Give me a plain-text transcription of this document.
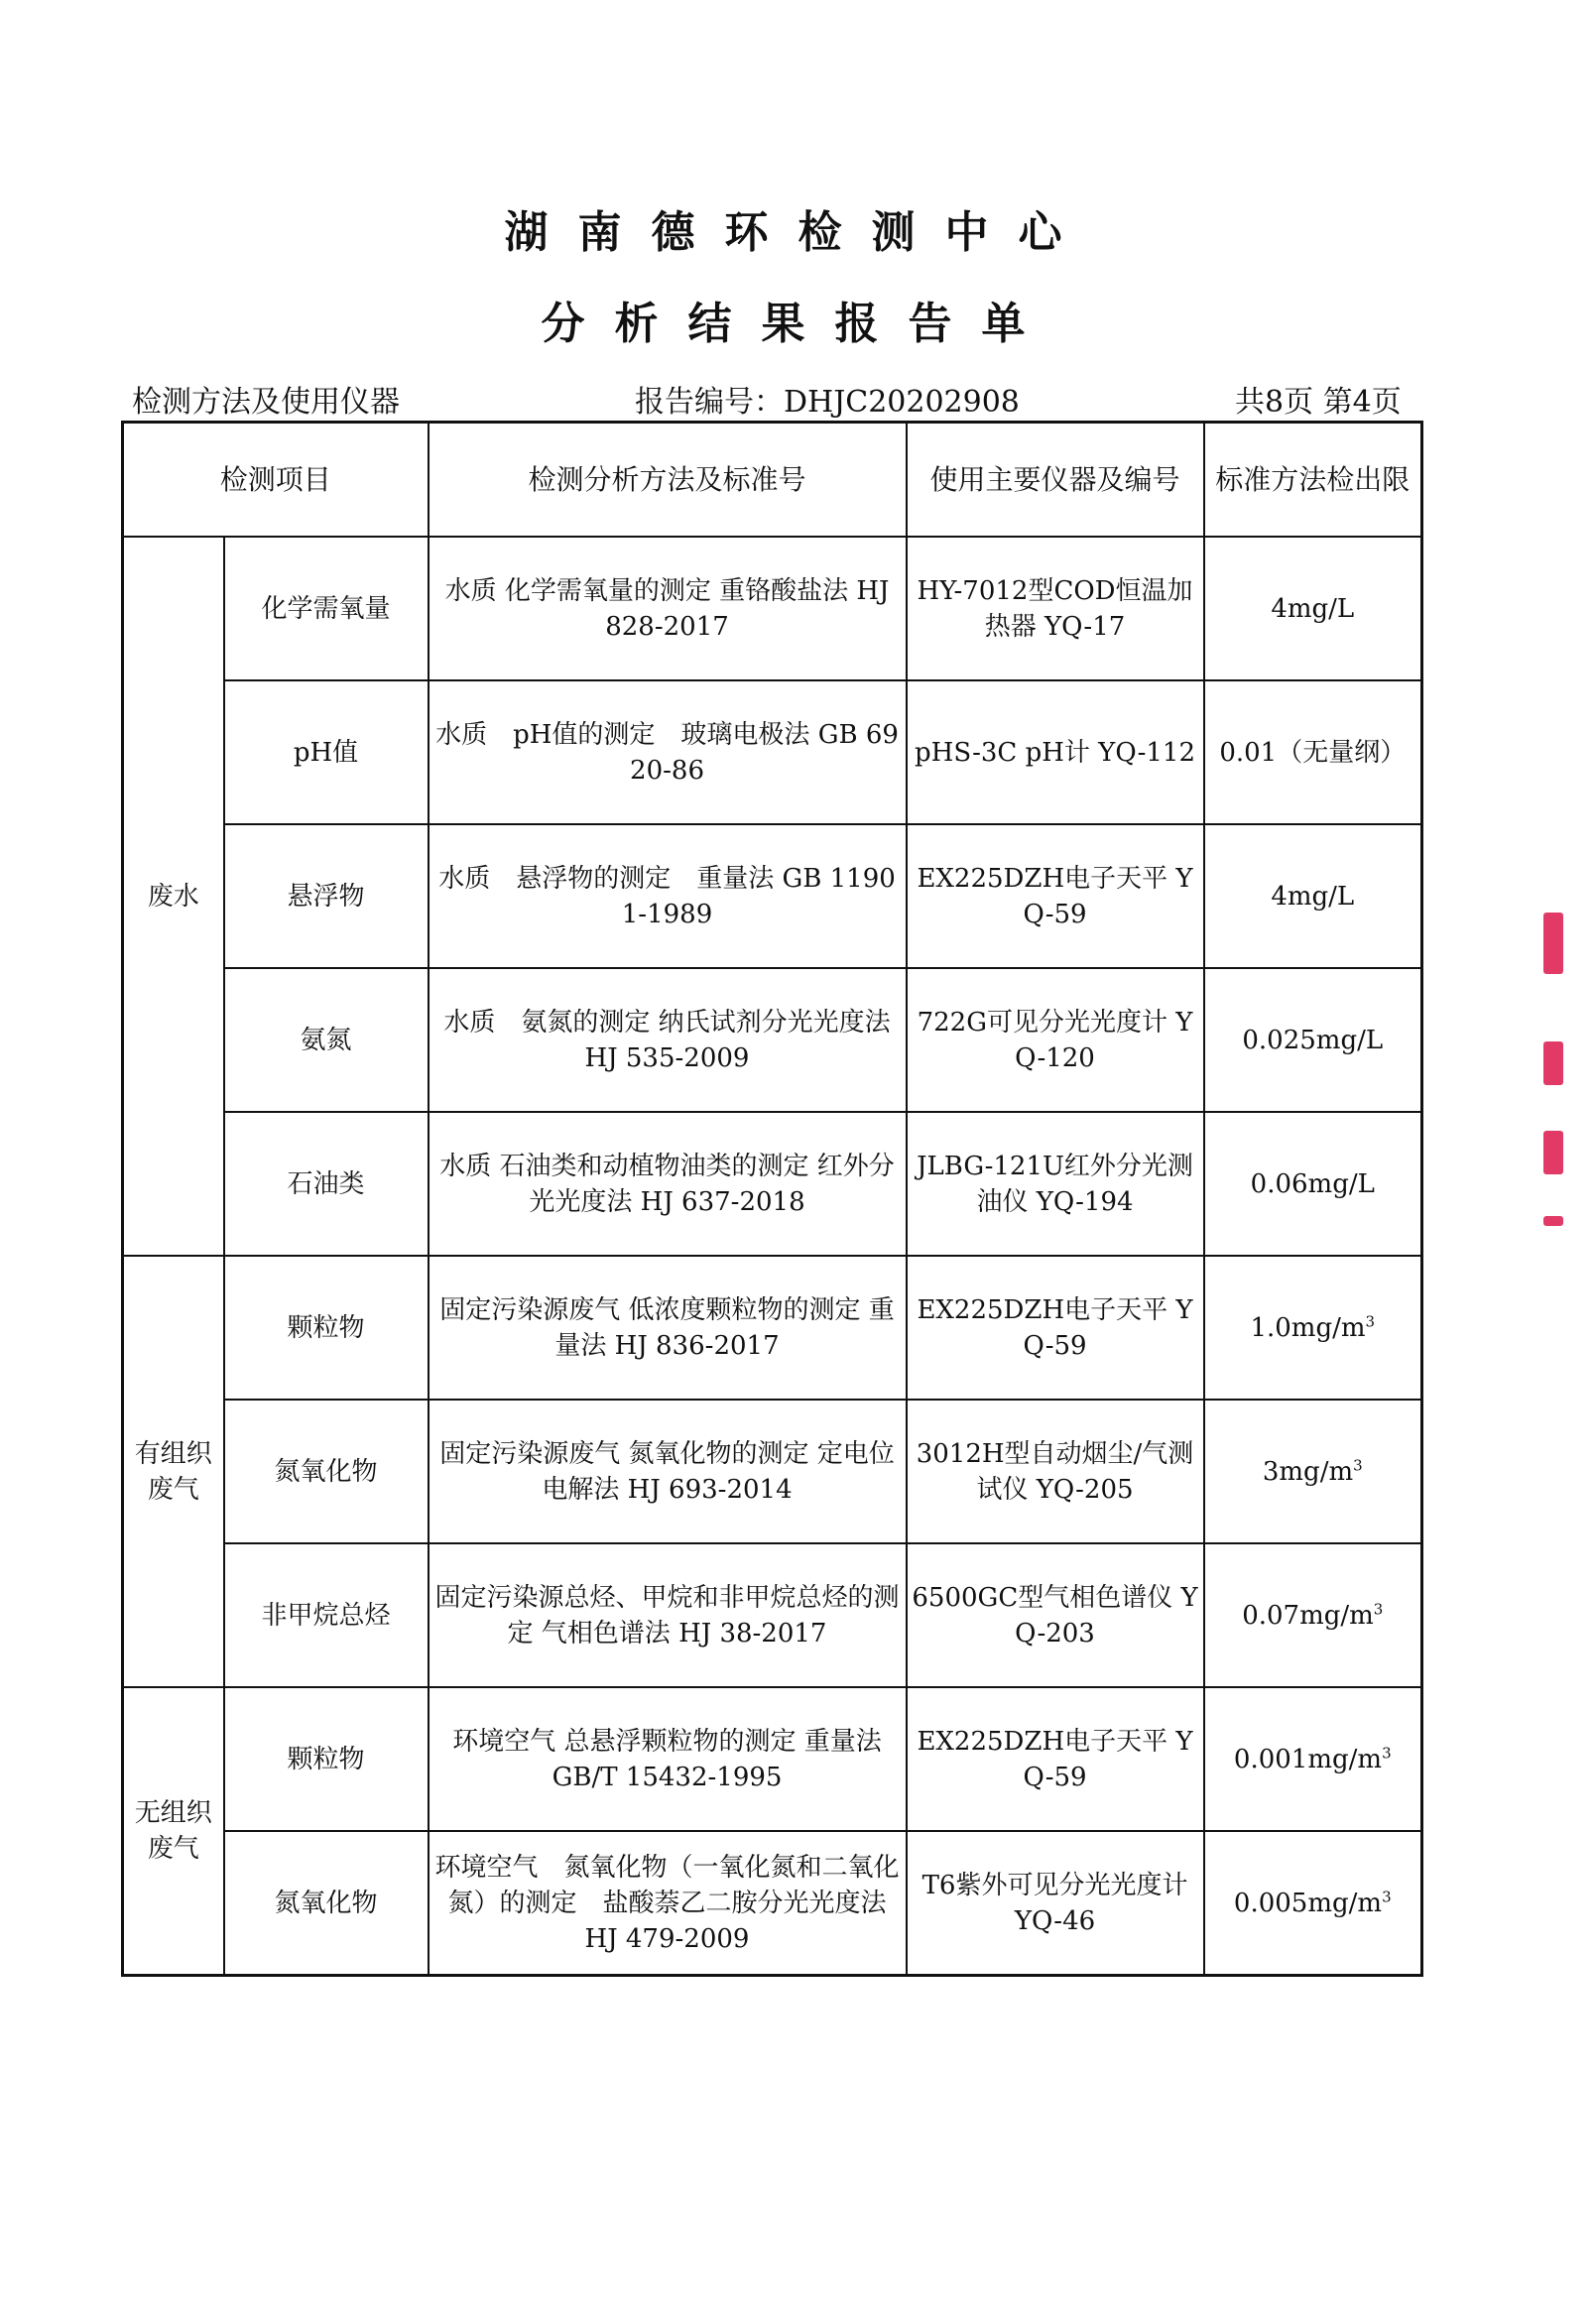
湖南德环检测中心
分析结果报告单
检测方法及使用仪器	报告编号：DHJC20202908	共8页 第4页
检测项目		检测分析方法及标准号	使用主要仪器及编号	标准方法检出限
废水	化学需氧量	水质 化学需氧量的测定 重铬酸盐法 HJ 828-2017	HY-7012型COD恒温加热器 YQ-17	4mg/L
	pH值	水质　pH值的测定　玻璃电极法 GB 6920-86	pHS-3C pH计 YQ-112	0.01（无量纲）
	悬浮物	水质　悬浮物的测定　重量法 GB 11901-1989	EX225DZH电子天平 YQ-59	4mg/L
	氨氮	水质　氨氮的测定 纳氏试剂分光光度法 HJ 535-2009	722G可见分光光度计 YQ-120	0.025mg/L
	石油类	水质 石油类和动植物油类的测定 红外分光光度法 HJ 637-2018	JLBG-121U红外分光测油仪 YQ-194	0.06mg/L
有组织废气	颗粒物	固定污染源废气 低浓度颗粒物的测定 重量法 HJ 836-2017	EX225DZH电子天平 YQ-59	$1.0mg/m^3$
	氮氧化物	固定污染源废气 氮氧化物的测定 定电位电解法 HJ 693-2014	3012H型自动烟尘/气测试仪 YQ-205	$3mg/m^3$
	非甲烷总烃	固定污染源总烃、甲烷和非甲烷总烃的测定 气相色谱法 HJ 38-2017	6500GC型气相色谱仪 YQ-203	$0.07mg/m^3$
无组织废气	颗粒物	环境空气 总悬浮颗粒物的测定 重量法　GB/T 15432-1995	EX225DZH电子天平 YQ-59	$0.001mg/m^3$
	氮氧化物	环境空气　氮氧化物（一氧化氮和二氧化氮）的测定　盐酸萘乙二胺分光光度法 HJ 479-2009	T6紫外可见分光光度计 YQ-46	$0.005mg/m^3$
